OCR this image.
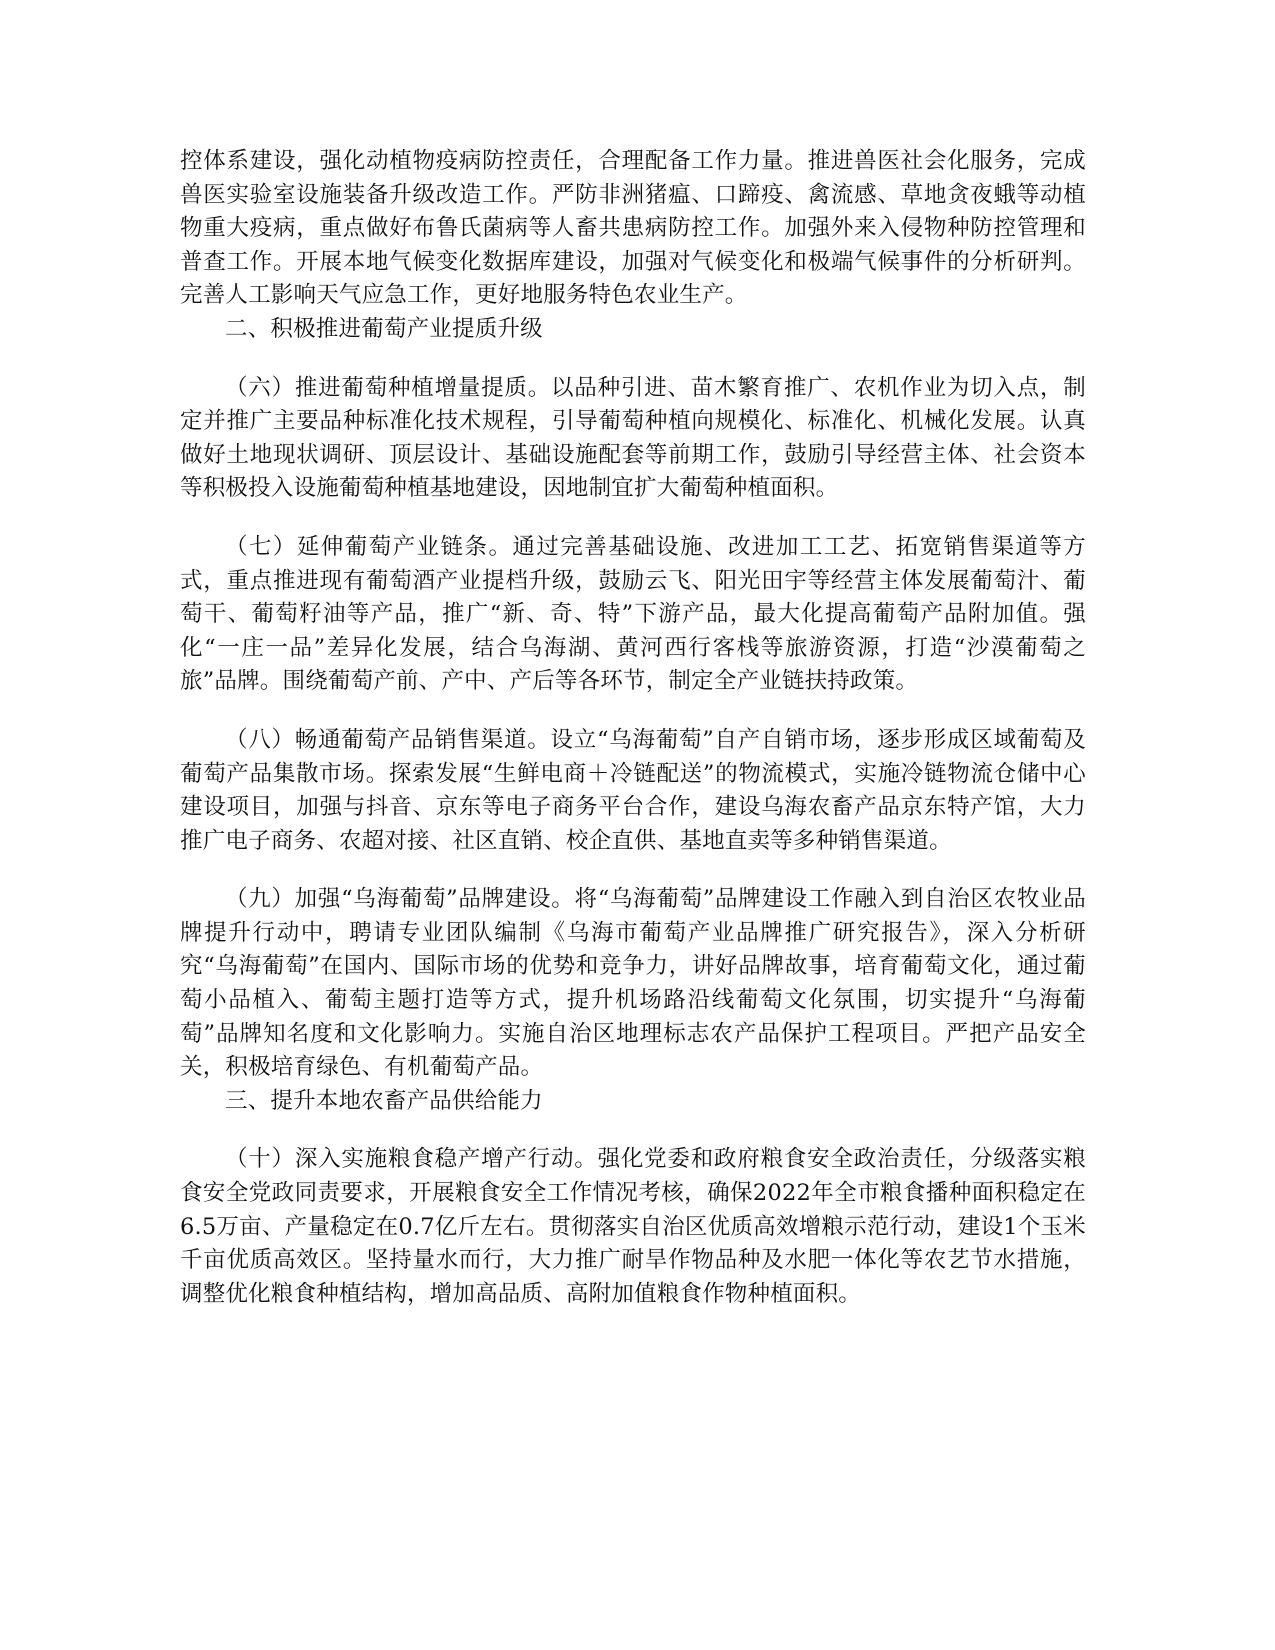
控体系建设，强化动植物疫病防控责任，合理配备工作力量。推进兽医社会化服务，完成兽医实验室设施装备升级改造工作。严防非洲猪瘟、口蹄疫、禽流感、草地贪夜蛾等动植物重大疫病，重点做好布鲁氏菌病等人畜共患病防控工作。加强外来入侵物种防控管理和普查工作。开展本地气候变化数据库建设，加强对气候变化和极端气候事件的分析研判。完善人工影响天气应急工作，更好地服务特色农业生产。

二、积极推进葡萄产业提质升级

（六）推进葡萄种植增量提质。以品种引进、苗木繁育推广、农机作业为切入点，制定并推广主要品种标准化技术规程，引导葡萄种植向规模化、标准化、机械化发展。认真做好土地现状调研、顶层设计、基础设施配套等前期工作，鼓励引导经营主体、社会资本等积极投入设施葡萄种植基地建设，因地制宜扩大葡萄种植面积。

（七）延伸葡萄产业链条。通过完善基础设施、改进加工工艺、拓宽销售渠道等方式，重点推进现有葡萄酒产业提档升级，鼓励云飞、阳光田宇等经营主体发展葡萄汁、葡萄干、葡萄籽油等产品，推广“新、奇、特”下游产品，最大化提高葡萄产品附加值。强化“一庄一品”差异化发展，结合乌海湖、黄河西行客栈等旅游资源，打造“沙漠葡萄之旅”品牌。围绕葡萄产前、产中、产后等各环节，制定全产业链扶持政策。

（八）畅通葡萄产品销售渠道。设立“乌海葡萄”自产自销市场，逐步形成区域葡萄及葡萄产品集散市场。探索发展“生鲜电商＋冷链配送”的物流模式，实施冷链物流仓储中心建设项目，加强与抖音、京东等电子商务平台合作，建设乌海农畜产品京东特产馆，大力推广电子商务、农超对接、社区直销、校企直供、基地直卖等多种销售渠道。

（九）加强“乌海葡萄”品牌建设。将“乌海葡萄”品牌建设工作融入到自治区农牧业品牌提升行动中，聘请专业团队编制《乌海市葡萄产业品牌推广研究报告》，深入分析研究“乌海葡萄”在国内、国际市场的优势和竞争力，讲好品牌故事，培育葡萄文化，通过葡萄小品植入、葡萄主题打造等方式，提升机场路沿线葡萄文化氛围，切实提升“乌海葡萄”品牌知名度和文化影响力。实施自治区地理标志农产品保护工程项目。严把产品安全关，积极培育绿色、有机葡萄产品。

三、提升本地农畜产品供给能力

（十）深入实施粮食稳产增产行动。强化党委和政府粮食安全政治责任，分级落实粮食安全党政同责要求，开展粮食安全工作情况考核，确保2022年全市粮食播种面积稳定在6.5万亩、产量稳定在0.7亿斤左右。贯彻落实自治区优质高效增粮示范行动，建设1个玉米千亩优质高效区。坚持量水而行，大力推广耐旱作物品种及水肥一体化等农艺节水措施，调整优化粮食种植结构，增加高品质、高附加值粮食作物种植面积。
